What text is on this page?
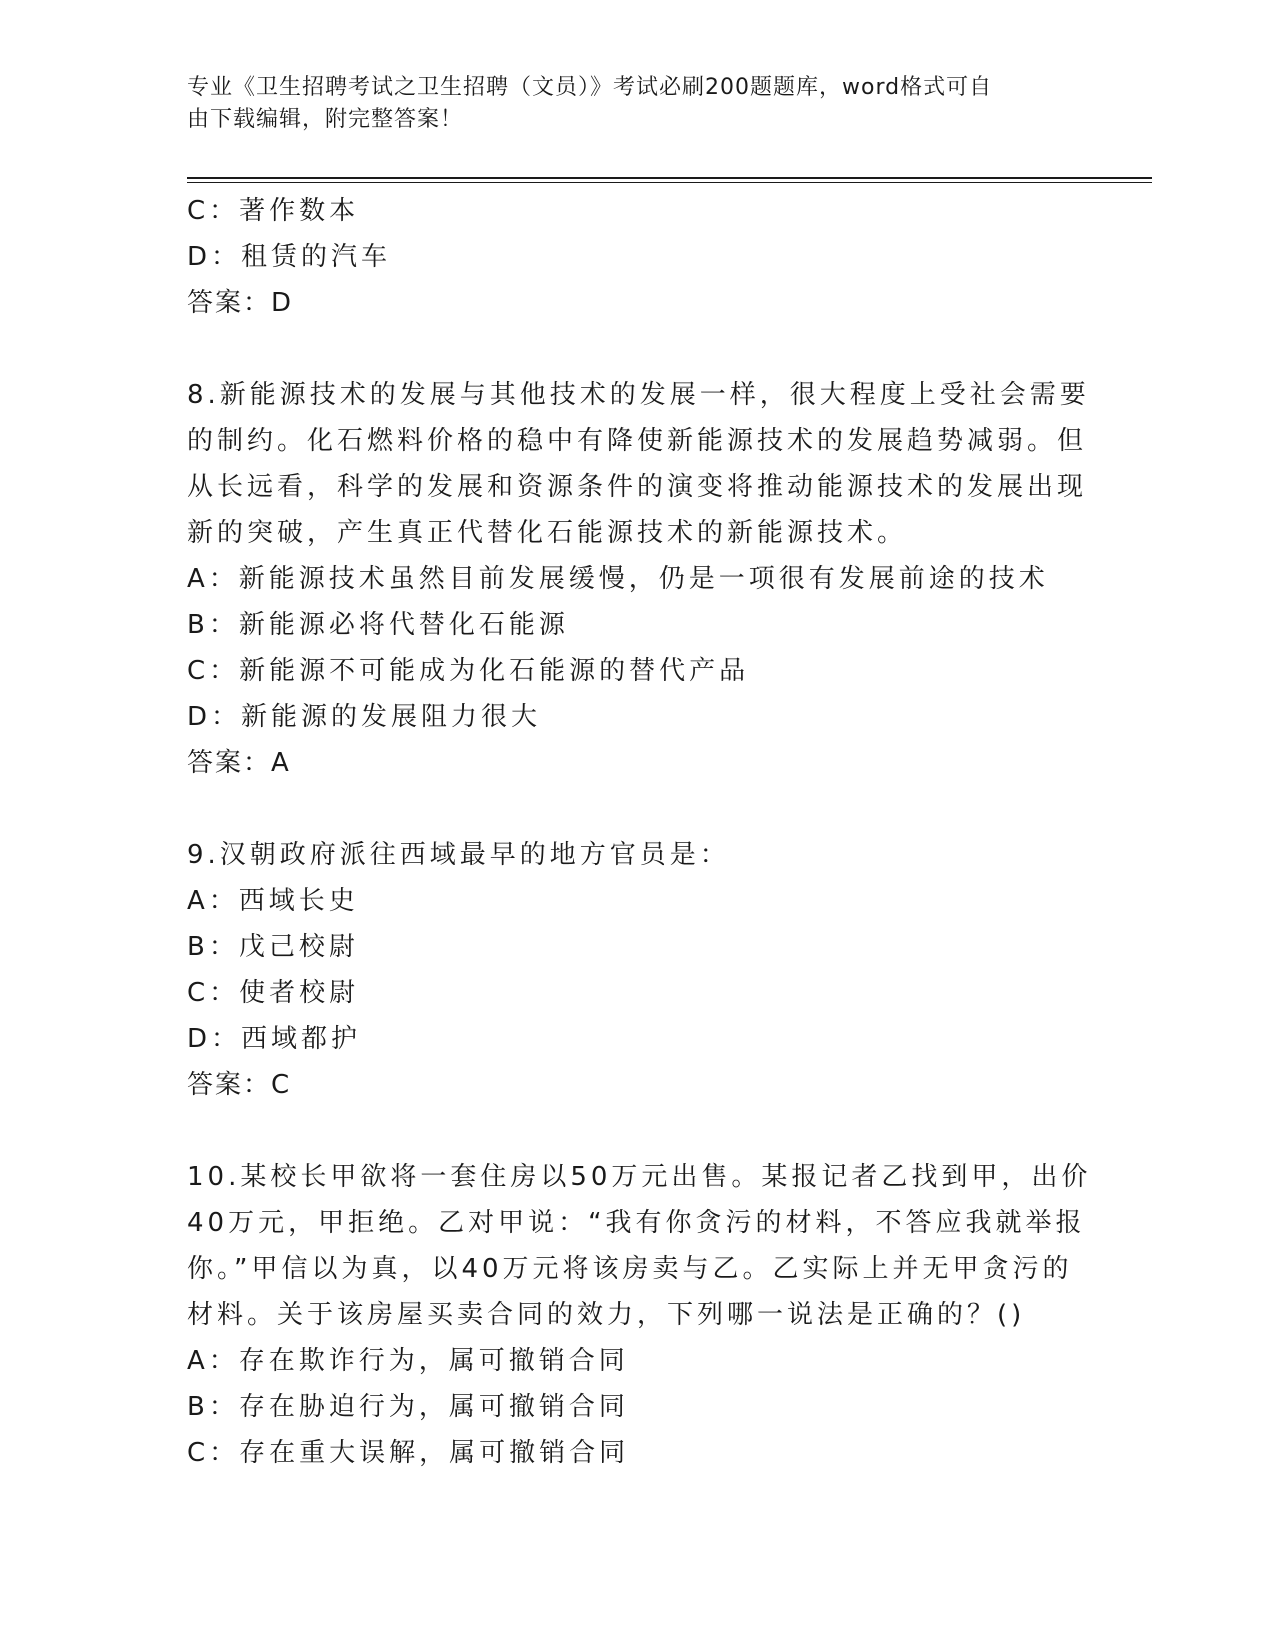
专业《卫生招聘考试之卫生招聘（文员）》考试必刷200题题库，word格式可自
由下载编辑，附完整答案！

C：著作数本

D：租赁的汽车

答案：D

8.新能源技术的发展与其他技术的发展一样，很大程度上受社会需要

的制约。化石燃料价格的稳中有降使新能源技术的发展趋势减弱。但

从长远看，科学的发展和资源条件的演变将推动能源技术的发展出现

新的突破，产生真正代替化石能源技术的新能源技术。

A：新能源技术虽然目前发展缓慢，仍是一项很有发展前途的技术

B：新能源必将代替化石能源

C：新能源不可能成为化石能源的替代产品

D：新能源的发展阻力很大

答案：A

9.汉朝政府派往西域最早的地方官员是：

A：西域长史

B：戊己校尉

C：使者校尉

D：西域都护

答案：C

10.某校长甲欲将一套住房以50万元出售。某报记者乙找到甲，出价

40万元，甲拒绝。乙对甲说：“我有你贪污的材料，不答应我就举报

你。”甲信以为真，以40万元将该房卖与乙。乙实际上并无甲贪污的

材料。关于该房屋买卖合同的效力，下列哪一说法是正确的？()

A：存在欺诈行为，属可撤销合同

B：存在胁迫行为，属可撤销合同

C：存在重大误解，属可撤销合同
